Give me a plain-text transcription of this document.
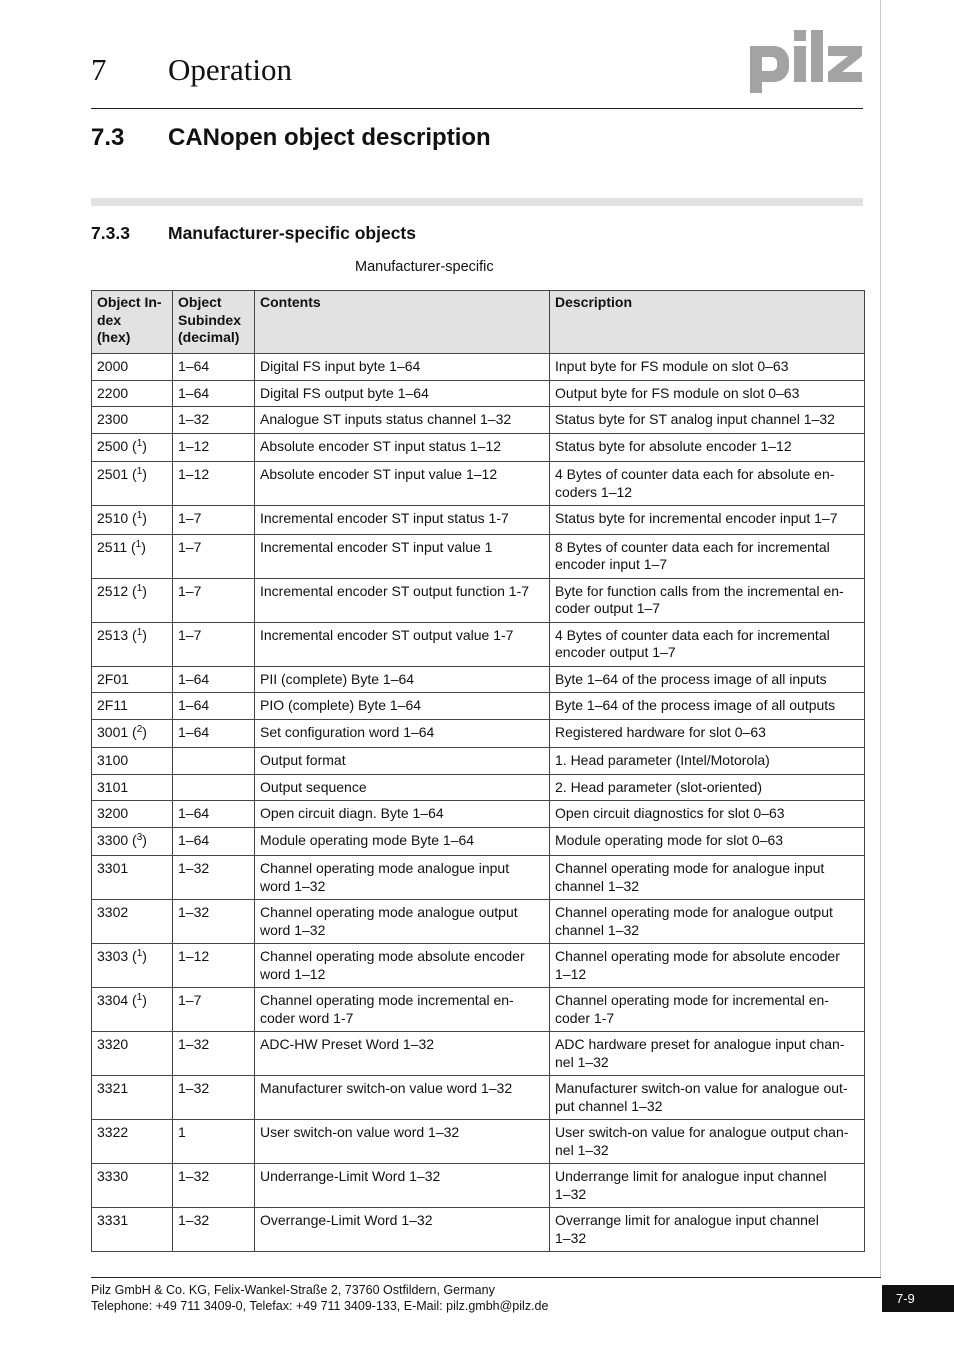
7 Operation
7.3 CANopen object description
7.3.3 Manufacturer-specific objects
Manufacturer-specific
Object In-
dex
(hex)	Object
Subindex
(decimal)	Contents	Description
2000	1–64	Digital FS input byte 1–64	Input byte for FS module on slot 0–63
2200	1–64	Digital FS output byte 1–64	Output byte for FS module on slot 0–63
2300	1–32	Analogue ST inputs status channel 1–32	Status byte for ST analog input channel 1–32
2500 ($^1$)	1–12	Absolute encoder ST input status 1–12	Status byte for absolute encoder 1–12
2501 ($^1$)	1–12	Absolute encoder ST input value 1–12	4 Bytes of counter data each for absolute en-
coders 1–12
2510 ($^1$)	1–7	Incremental encoder ST input status 1-7	Status byte for incremental encoder input 1–7
2511 ($^1$)	1–7	Incremental encoder ST input value 1	8 Bytes of counter data each for incremental
encoder input 1–7
2512 ($^1$)	1–7	Incremental encoder ST output function 1-7	Byte for function calls from the incremental en-
coder output 1–7
2513 ($^1$)	1–7	Incremental encoder ST output value 1-7	4 Bytes of counter data each for incremental
encoder output 1–7
2F01	1–64	PII (complete) Byte 1–64	Byte 1–64 of the process image of all inputs
2F11	1–64	PIO (complete) Byte 1–64	Byte 1–64 of the process image of all outputs
3001 ($^2$)	1–64	Set configuration word 1–64	Registered hardware for slot 0–63
3100		Output format	1. Head parameter (Intel/Motorola)
3101		Output sequence	2. Head parameter (slot-oriented)
3200	1–64	Open circuit diagn. Byte 1–64	Open circuit diagnostics for slot 0–63
3300 ($^3$)	1–64	Module operating mode Byte 1–64	Module operating mode for slot 0–63
3301	1–32	Channel operating mode analogue input
word 1–32	Channel operating mode for analogue input
channel 1–32
3302	1–32	Channel operating mode analogue output
word 1–32	Channel operating mode for analogue output
channel 1–32
3303 ($^1$)	1–12	Channel operating mode absolute encoder
word 1–12	Channel operating mode for absolute encoder
1–12
3304 ($^1$)	1–7	Channel operating mode incremental en-
coder word 1-7	Channel operating mode for incremental en-
coder 1-7
3320	1–32	ADC-HW Preset Word 1–32	ADC hardware preset for analogue input chan-
nel 1–32
3321	1–32	Manufacturer switch-on value word 1–32	Manufacturer switch-on value for analogue out-
put channel 1–32
3322	1	User switch-on value word 1–32	User switch-on value for analogue output chan-
nel 1–32
3330	1–32	Underrange-Limit Word 1–32	Underrange limit for analogue input channel
1–32
3331	1–32	Overrange-Limit Word 1–32	Overrange limit for analogue input channel
1–32
Pilz GmbH & Co. KG, Felix-Wankel-Straße 2, 73760 Ostfildern, Germany
Telephone: +49 711 3409-0, Telefax: +49 711 3409-133, E-Mail: pilz.gmbh@pilz.de	7-9
